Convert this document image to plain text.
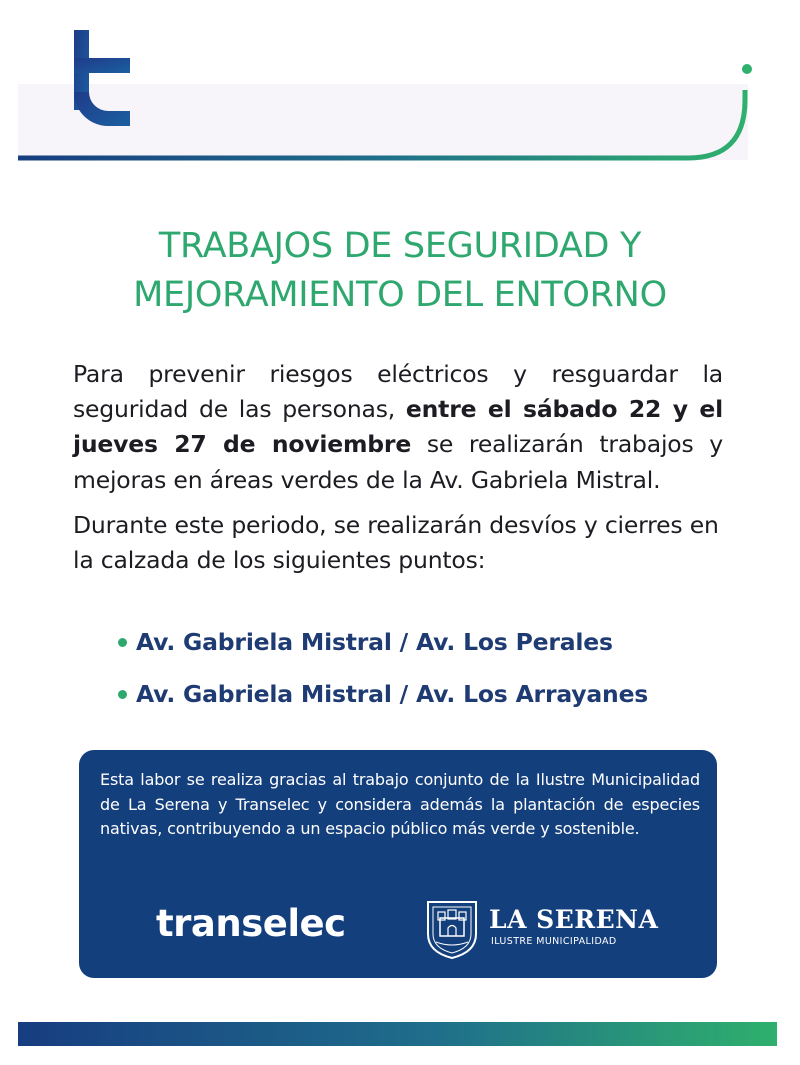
TRABAJOS DE SEGURIDAD Y
MEJORAMIENTO DEL ENTORNO
Para prevenir riesgos eléctricos y resguardar la seguridad de las personas, entre el sábado 22 y el jueves 27 de noviembre se realizarán trabajos y mejoras en áreas verdes de la Av. Gabriela Mistral.
Durante este periodo, se realizarán desvíos y cierres en la calzada de los siguientes puntos:
Av. Gabriela Mistral / Av. Los Perales
Av. Gabriela Mistral / Av. Los Arrayanes
Esta labor se realiza gracias al trabajo conjunto de la Ilustre Municipalidad de La Serena y Transelec y considera además la plantación de especies nativas, contribuyendo a un espacio público más verde y sostenible.
transelec	LA SERENA
ILUSTRE MUNICIPALIDAD
